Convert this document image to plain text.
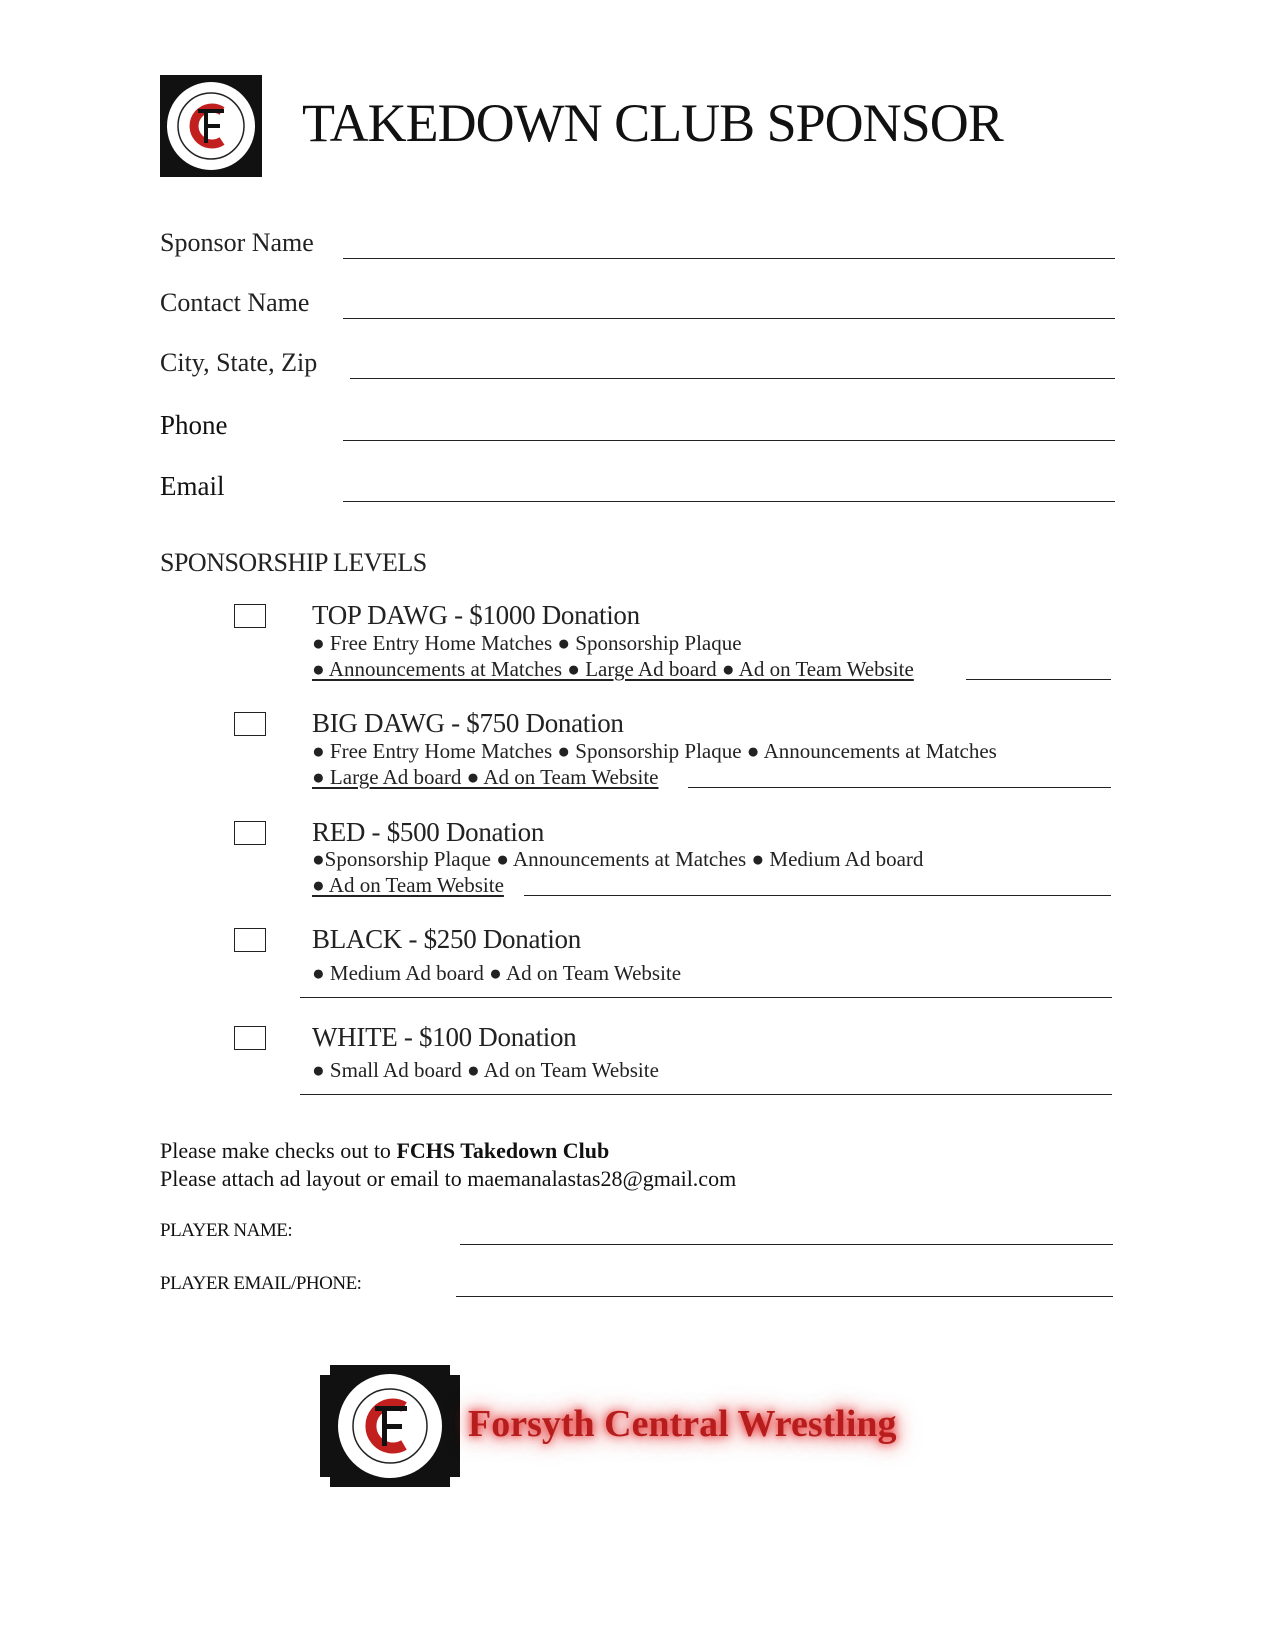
TAKEDOWN CLUB SPONSOR
Sponsor Name
Contact Name
City, State, Zip
Phone
Email
SPONSORSHIP LEVELS
TOP DAWG - $1000 Donation
● Free Entry Home Matches ● Sponsorship Plaque
● Announcements at Matches ● Large Ad board ● Ad on Team Website
BIG DAWG - $750 Donation
● Free Entry Home Matches ● Sponsorship Plaque ● Announcements at Matches
● Large Ad board ● Ad on Team Website
RED - $500 Donation
●Sponsorship Plaque ● Announcements at Matches ● Medium Ad board
● Ad on Team Website
BLACK - $250 Donation
● Medium Ad board ● Ad on Team Website
WHITE - $100 Donation
● Small Ad board ● Ad on Team Website
Please make checks out to FCHS Takedown Club
Please attach ad layout or email to maemanalastas28@gmail.com
PLAYER NAME:
PLAYER EMAIL/PHONE:
Forsyth Central Wrestling
